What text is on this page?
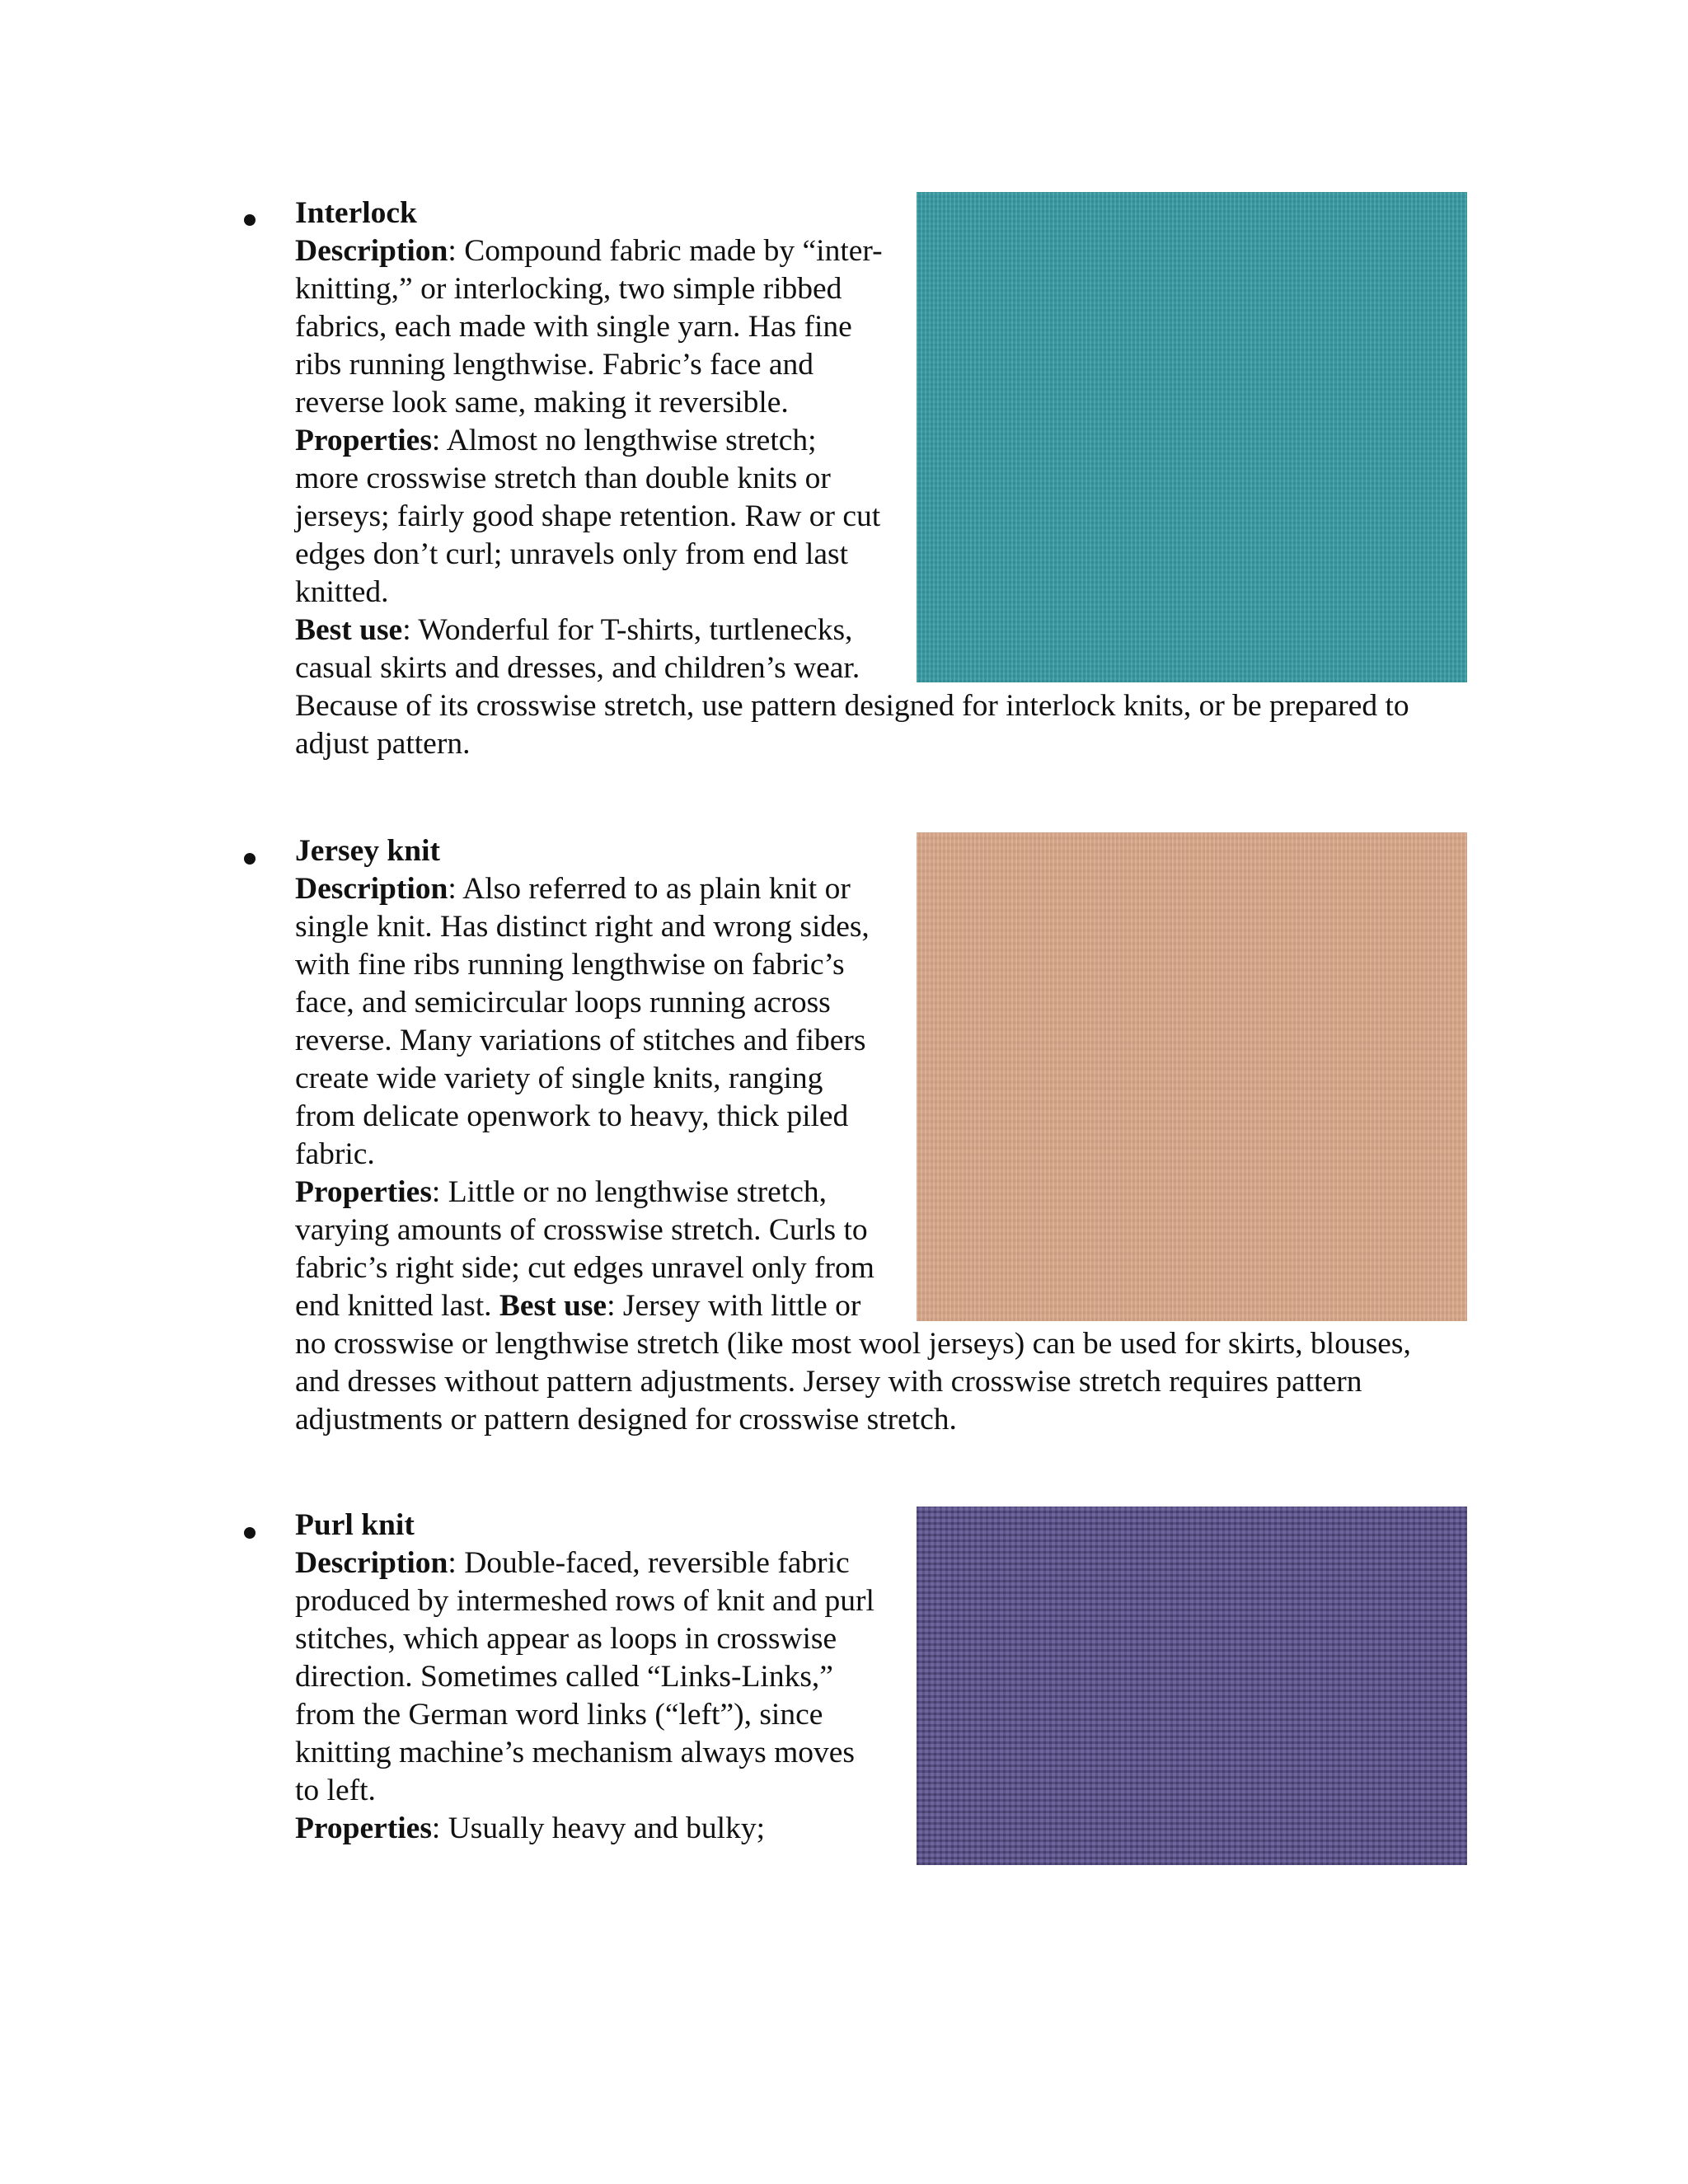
Interlock

Description: Compound fabric made by “inter-knitting,” or interlocking, two simple ribbed fabrics, each made with single yarn. Has fine ribs running lengthwise. Fabric’s face and reverse look same, making it reversible.

Properties: Almost no lengthwise stretch; more crosswise stretch than double knits or jerseys; fairly good shape retention. Raw or cut edges don’t curl; unravels only from end last knitted.

Best use: Wonderful for T-shirts, turtlenecks, casual skirts and dresses, and children’s wear. Because of its crosswise stretch, use pattern designed for interlock knits, or be prepared to adjust pattern.

Jersey knit

Description: Also referred to as plain knit or single knit. Has distinct right and wrong sides, with fine ribs running lengthwise on fabric’s face, and semicircular loops running across reverse. Many variations of stitches and fibers create wide variety of single knits, ranging from delicate openwork to heavy, thick piled fabric.

Properties: Little or no lengthwise stretch, varying amounts of crosswise stretch. Curls to fabric’s right side; cut edges unravel only from end knitted last. Best use: Jersey with little or no crosswise or lengthwise stretch (like most wool jerseys) can be used for skirts, blouses, and dresses without pattern adjustments. Jersey with crosswise stretch requires pattern adjustments or pattern designed for crosswise stretch.

Purl knit

Description: Double-faced, reversible fabric produced by intermeshed rows of knit and purl stitches, which appear as loops in crosswise direction. Sometimes called “Links-Links,” from the German word links (“left”), since knitting machine’s mechanism always moves to left.

Properties: Usually heavy and bulky;
